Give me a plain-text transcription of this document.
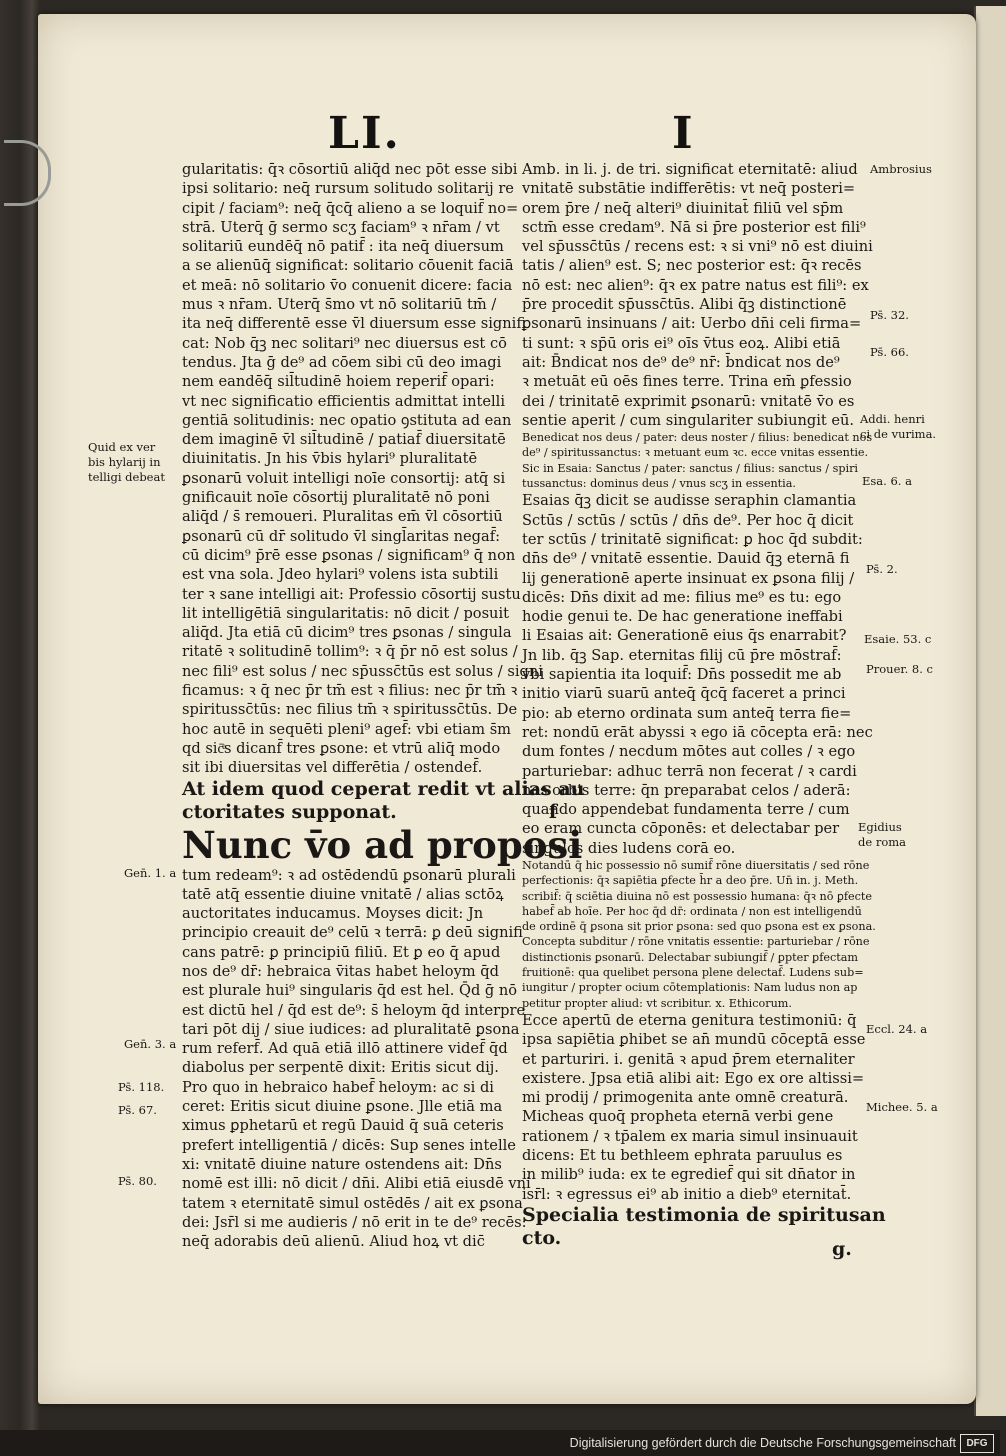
LI.	I
gularitatis: q̄ꝛ cōsortiū aliq̄d nec pōt esse sibi
ipsi solitario: neq̄ rursum solitudo solitarij re
cipit / faciam⁹: neq̄ q̄cq̄ alieno a se loquif̄ no=
strā. Uterq̄ ḡ sermo scʒ faciam⁹ ꝛ nr̄am / vt
solitariū eundēq̄ nō patif̄ : ita neq̄ diuersum
a se alienūq̄ significat: solitario cōuenit faciā
et meā: nō solitario v̄o conuenit dicere: facia
mus ꝛ nr̄am. Uterq̄ s̄mo vt nō solitariū tm̄ /
ita neq̄ differentē esse v̄l diuersum esse signifi
cat: Nob q̄ꝫ nec solitari⁹ nec diuersus est cō
tendus. Jta ḡ de⁹ ad cōem sibi cū deo imagi
nem eandēq̄ sil̄tudinē hoiem reperif̄ opari:
vt nec significatio efficientis admittat intelli
gentiā solitudinis: nec opatio ꝯstituta ad ean
dem imaginē v̄l sil̄tudinē / patiaf̄ diuersitatē
diuinitatis. Jn his v̄bis hylari⁹ pluralitatē
ꝑsonarū voluit intelligi noīe consortij: atq̄ si
gnificauit noīe cōsortij pluralitatē nō poni
aliq̄d / s̄ remoueri. Pluralitas em̄ v̄l cōsortiū
ꝑsonarū cū dr̄ solitudo v̄l singl̄aritas negaf̄:
cū dicim⁹ p̄rē esse ꝑsonas / significam⁹ q̄ non
est vna sola. Jdeo hylari⁹ volens ista subtili
ter ꝛ sane intelligi ait: Professio cōsortij sustu
lit intelligētiā singularitatis: nō dicit / posuit
aliq̄d. Jta etiā cū dicim⁹ tres ꝑsonas / singula
ritatē ꝛ solitudinē tollim⁹: ꝛ q̄ p̄r nō est solus /
nec fili⁹ est solus / nec sp̄ussc̄tūs est solus / signi
ficamus: ꝛ q̄ nec p̄r tm̄ est ꝛ filius: nec p̄r tm̄ ꝛ
spiritussc̄tūs: nec filius tm̄ ꝛ spiritussc̄tūs. De
hoc autē in sequēti pleni⁹ agef̄: vbi etiam s̄m
qd sic̄ͤs dicanf̄ tres ꝑsone: et vtrū aliq̄ modo
sit ibi diuersitas vel differētia / ostendef̄.
At idem quod ceperat redit vt alias au
ctoritates supponat.                       f
Nunc v̄o ad proposi
tum redeam⁹: ꝛ ad ostēdendū ꝑsonarū plurali
tatē atq̄ essentie diuine vnitatē / alias sctōꝝ
auctoritates inducamus. Moyses dicit: Jn
principio creauit de⁹ celū ꝛ terrā: ꝑ deū signifi
cans patrē: ꝑ principiū filiū. Et ꝑ eo q̄ apud
nos de⁹ dr̄: hebraica v̄itas habet heloym q̄d
est plurale hui⁹ singularis q̄d est hel. Q̄d ḡ nō
est dictū hel / q̄d est de⁹: s̄ heloym q̄d interpre
tari pōt dij / siue iudices: ad pluralitatē ꝑsona
rum referf̄. Ad quā etiā illō attinere videf̄ q̄d
diabolus per serpentē dixit: Eritis sicut dij.
Pro quo in hebraico habef̄ heloym: ac si di
ceret: Eritis sicut diuine ꝑsone. Jlle etiā ma
ximus ꝑphetarū et regū Dauid q̄ suā ceteris
prefert intelligentiā / dicēs: Sup senes intelle
xi: vnitatē diuine nature ostendens ait: Dn̄s
nomē est illi: nō dicit / dn̄i. Alibi etiā eiusdē vni
tatem ꝛ eternitatē simul ostēdēs / ait ex ꝑsona
dei: Jsr̄l si me audieris / nō erit in te de⁹ recēs:
neq̄ adorabis deū alienū. Aliud hoꝝ vt dic̄
Amb. in li. j. de tri. significat eternitatē: aliud
vnitatē substātie indifferētis: vt neq̄ posteri=
orem p̄re / neq̄ alteri⁹ diuinitat̄ filiū vel sp̄m
sctm̄ esse credam⁹. Nā si p̄re posterior est fili⁹
vel sp̄ussc̄tūs / recens est: ꝛ si vni⁹ nō est diuini
tatis / alien⁹ est. S; nec posterior est: q̄ꝛ recēs
nō est: nec alien⁹: q̄ꝛ ex patre natus est fili⁹: ex
p̄re procedit sp̄ussc̄tūs. Alibi q̄ꝫ distinctionē
ꝑsonarū insinuans / ait: Uerbo dn̄i celi firma=
ti sunt: ꝛ sp̄ū oris ei⁹ oīs v̄tus eoꝝ. Alibi etiā
ait: B̄ndicat nos de⁹ de⁹ nr̄: b̄ndicat nos de⁹
ꝛ metuāt eū oēs fines terre. Trina em̄ ꝑfessio
dei / trinitatē exprimit ꝑsonarū: vnitatē v̄o es
sentie aperit / cum singulariter subiungit eū.
Benedicat nos deus / pater: deus noster / filius: benedicat nos
de⁹ / spiritussanctus: ꝛ metuant eum ꝛc. ecce vnitas essentie.
Sic in Esaia: Sanctus / pater: sanctus / filius: sanctus / spiri
tussanctus: dominus deus / vnus scʒ in essentia.
Esaias q̄ꝫ dicit se audisse seraphin clamantia
Sctūs / sctūs / sctūs / dn̄s de⁹. Per hoc q̄ dicit
ter sctūs / trinitatē significat: ꝑ hoc q̄d subdit:
dn̄s de⁹ / vnitatē essentie. Dauid q̄ꝫ eternā fi
lij generationē aperte insinuat ex ꝑsona filij /
dicēs: Dn̄s dixit ad me: filius me⁹ es tu: ego
hodie genui te. De hac generatione ineffabi
li Esaias ait: Generationē eius q̄s enarrabit?
Jn lib. q̄ꝫ Sap. eternitas filij cū p̄re mōstraf̄:
vbi sapientia ita loquif̄: Dn̄s possedit me ab
initio viarū suarū anteq̄ q̄cq̄ faceret a princi
pio: ab eterno ordinata sum anteq̄ terra fie=
ret: nondū erāt abyssi ꝛ ego iā cōcepta erā: nec
dum fontes / necdum mōtes aut colles / ꝛ ego
parturiebar: adhuc terrā non fecerat / ꝛ cardi
nes orbis terre: q̄n preparabat celos / aderā:
quando appendebat fundamenta terre / cum
eo eram cuncta cōponēs: et delectabar per
singulos dies ludens corā eo.
Notandū q̄ hic possessio nō sumif̄ rōne diuersitatis / sed rōne
perfectionis: q̄ꝛ sapiētia ꝑfecte h̄r a deo p̄re. Un̄ in. j. Meth.
scribif̄: q̄ sciētia diuina nō est possessio humana: q̄ꝛ nō ꝑfecte
habef̄ ab hoīe. Per hoc q̄d dr̄: ordinata / non est intelligendū
de ordinē q̄ ꝑsona sit prior ꝑsona: sed quo ꝑsona est ex ꝑsona.
Concepta subditur / rōne vnitatis essentie: parturiebar / rōne
distinctionis ꝑsonarū. Delectabar subiungif̄ / ꝑpter ꝑfectam
fruitionē: qua quelibet persona plene delectaf̄. Ludens sub=
iungitur / propter ocium cōtemplationis: Nam ludus non ap
petitur propter aliud: vt scribitur. x. Ethicorum.
Ecce apertū de eterna genitura testimoniū: q̄
ipsa sapiētia ꝑhibet se an̄ mundū cōceptā esse
et parturiri. i. genitā ꝛ apud p̄rem eternaliter
existere. Jpsa etiā alibi ait: Ego ex ore altissi=
mi prodij / primogenita ante omnē creaturā.
Micheas quoq̄ propheta eternā verbi gene
rationem / ꝛ tp̄alem ex maria simul insinuauit
dicens: Et tu bethleem ephrata paruulus es
in milib⁹ iuda: ex te egredief̄ qui sit dn̄ator in
isr̄l: ꝛ egressus ei⁹ ab initio a dieb⁹ eternitat̄.
Specialia testimonia de spiritusan
cto.
Quid ex ver
bis hylarij in
telligi debeat
Gen̄. 1. a
Gen̄. 3. a
Ps̄. 118.
Ps̄. 67.
Ps̄. 80.
Ambrosius
Ps̄. 32.
Ps̄. 66.
Addi. henri
ci de vurima.
Esa. 6. a
Ps̄. 2.
Esaie. 53. c
Prouer. 8. c
Egidius
de roma
Eccl. 24. a
Michee. 5. a
g.
Digitalisierung gefördert durch die Deutsche Forschungsgemeinschaft	DFG
